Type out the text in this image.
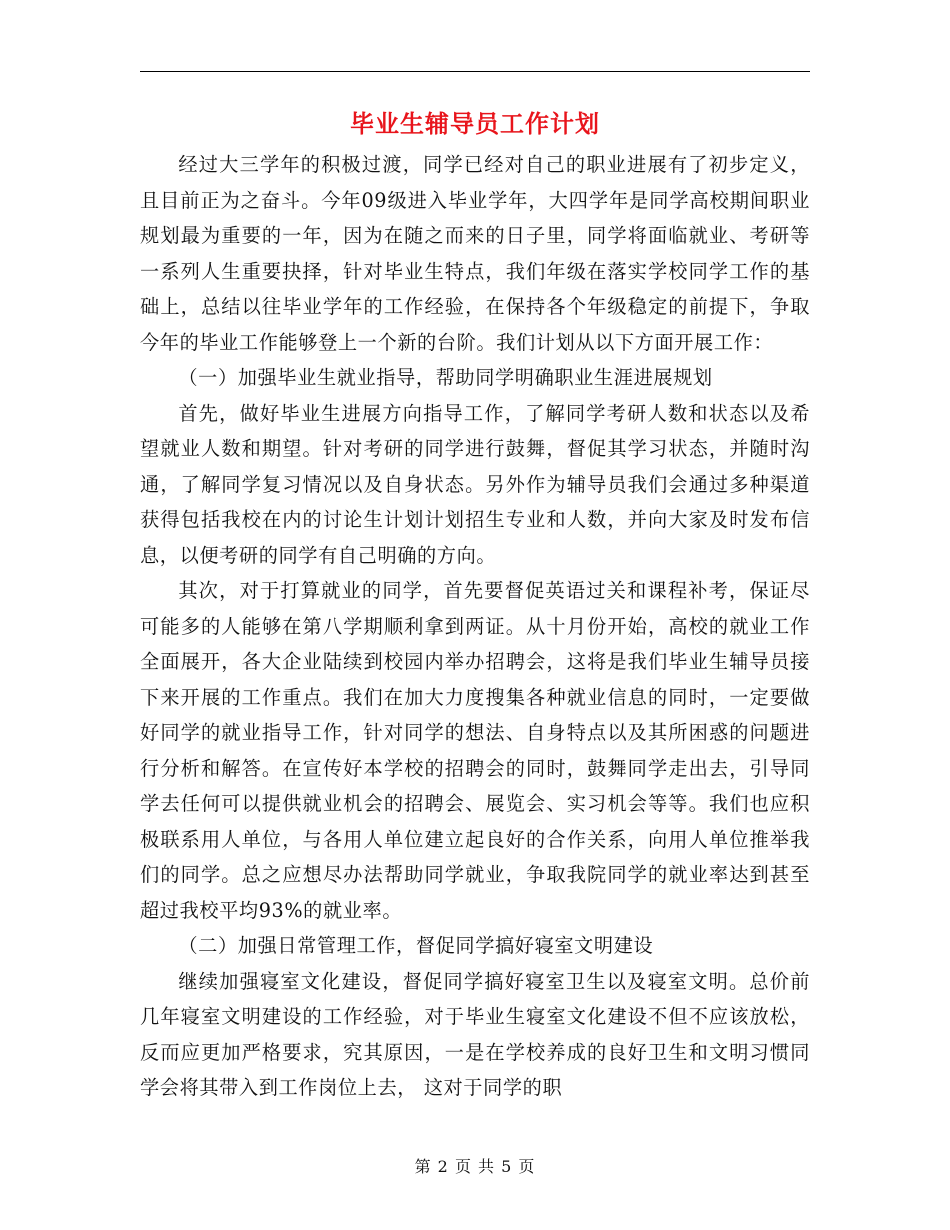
毕业生辅导员工作计划

经过大三学年的积极过渡，同学已经对自己的职业进展有了初步定义，且目前正为之奋斗。今年09级进入毕业学年，大四学年是同学高校期间职业规划最为重要的一年，因为在随之而来的日子里，同学将面临就业、考研等一系列人生重要抉择，针对毕业生特点，我们年级在落实学校同学工作的基础上，总结以往毕业学年的工作经验，在保持各个年级稳定的前提下，争取今年的毕业工作能够登上一个新的台阶。我们计划从以下方面开展工作：

（一）加强毕业生就业指导，帮助同学明确职业生涯进展规划

首先，做好毕业生进展方向指导工作，了解同学考研人数和状态以及希望就业人数和期望。针对考研的同学进行鼓舞，督促其学习状态，并随时沟通，了解同学复习情况以及自身状态。另外作为辅导员我们会通过多种渠道获得包括我校在内的讨论生计划计划招生专业和人数，并向大家及时发布信息，以便考研的同学有自己明确的方向。

其次，对于打算就业的同学，首先要督促英语过关和课程补考，保证尽可能多的人能够在第八学期顺利拿到两证。从十月份开始，高校的就业工作全面展开，各大企业陆续到校园内举办招聘会，这将是我们毕业生辅导员接下来开展的工作重点。我们在加大力度搜集各种就业信息的同时，一定要做好同学的就业指导工作，针对同学的想法、自身特点以及其所困惑的问题进行分析和解答。在宣传好本学校的招聘会的同时，鼓舞同学走出去，引导同学去任何可以提供就业机会的招聘会、展览会、实习机会等等。我们也应积极联系用人单位，与各用人单位建立起良好的合作关系，向用人单位推举我们的同学。总之应想尽办法帮助同学就业，争取我院同学的就业率达到甚至超过我校平均93%的就业率。

（二）加强日常管理工作，督促同学搞好寝室文明建设

继续加强寝室文化建设，督促同学搞好寝室卫生以及寝室文明。总价前几年寝室文明建设的工作经验，对于毕业生寝室文化建设不但不应该放松，反而应更加严格要求，究其原因，一是在学校养成的良好卫生和文明习惯同学会将其带入到工作岗位上去， 这对于同学的职

第 2 页 共 5 页
